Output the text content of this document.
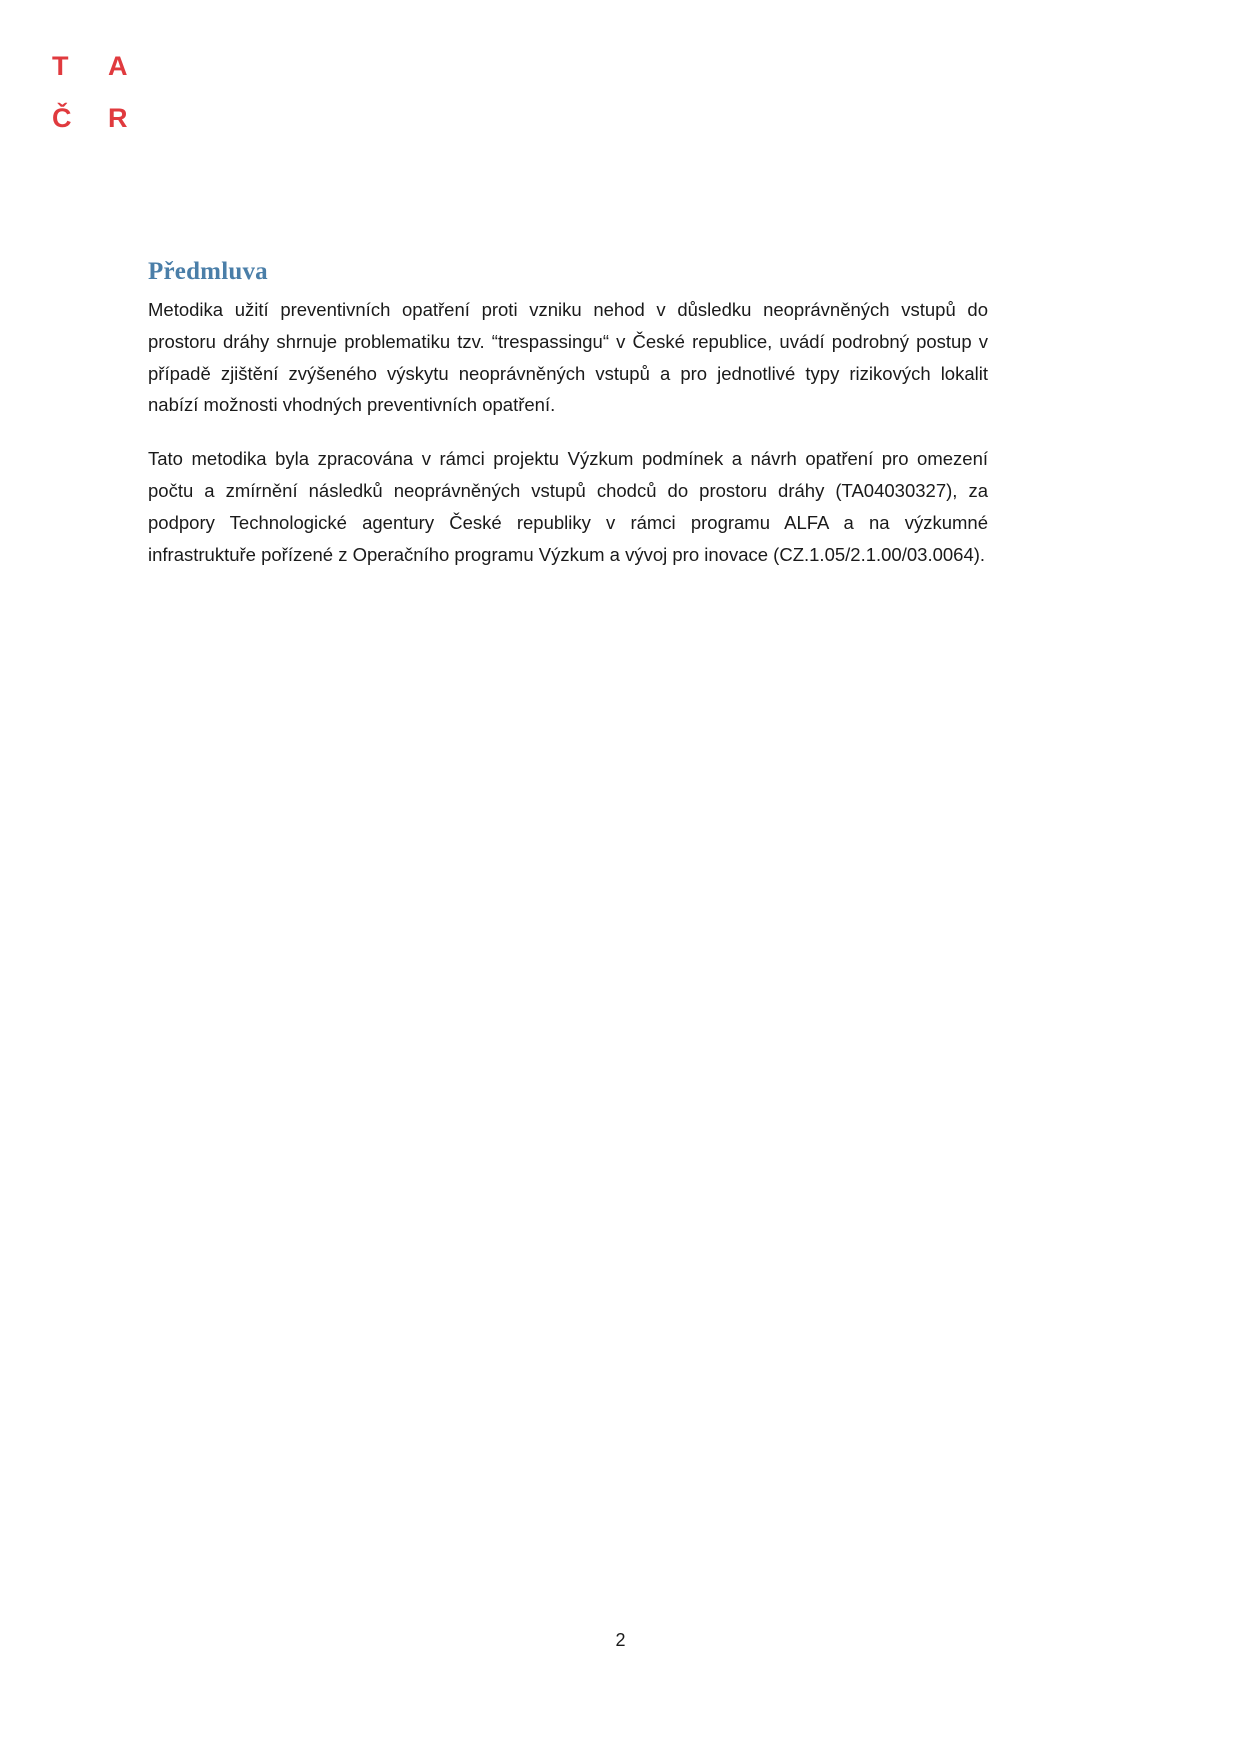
T	A
Č	R
Předmluva

Metodika užití preventivních opatření proti vzniku nehod v důsledku neoprávněných vstupů do prostoru dráhy shrnuje problematiku tzv. “trespassingu“ v České republice, uvádí podrobný postup v případě zjištění zvýšeného výskytu neoprávněných vstupů a pro jednotlivé typy rizikových lokalit nabízí možnosti vhodných preventivních opatření.

Tato metodika byla zpracována v rámci projektu Výzkum podmínek a návrh opatření pro omezení počtu a zmírnění následků neoprávněných vstupů chodců do prostoru dráhy (TA04030327), za podpory Technologické agentury České republiky v rámci programu ALFA a na výzkumné infrastruktuře pořízené z Operačního programu Výzkum a vývoj pro inovace (CZ.1.05/2.1.00/03.0064).

2
